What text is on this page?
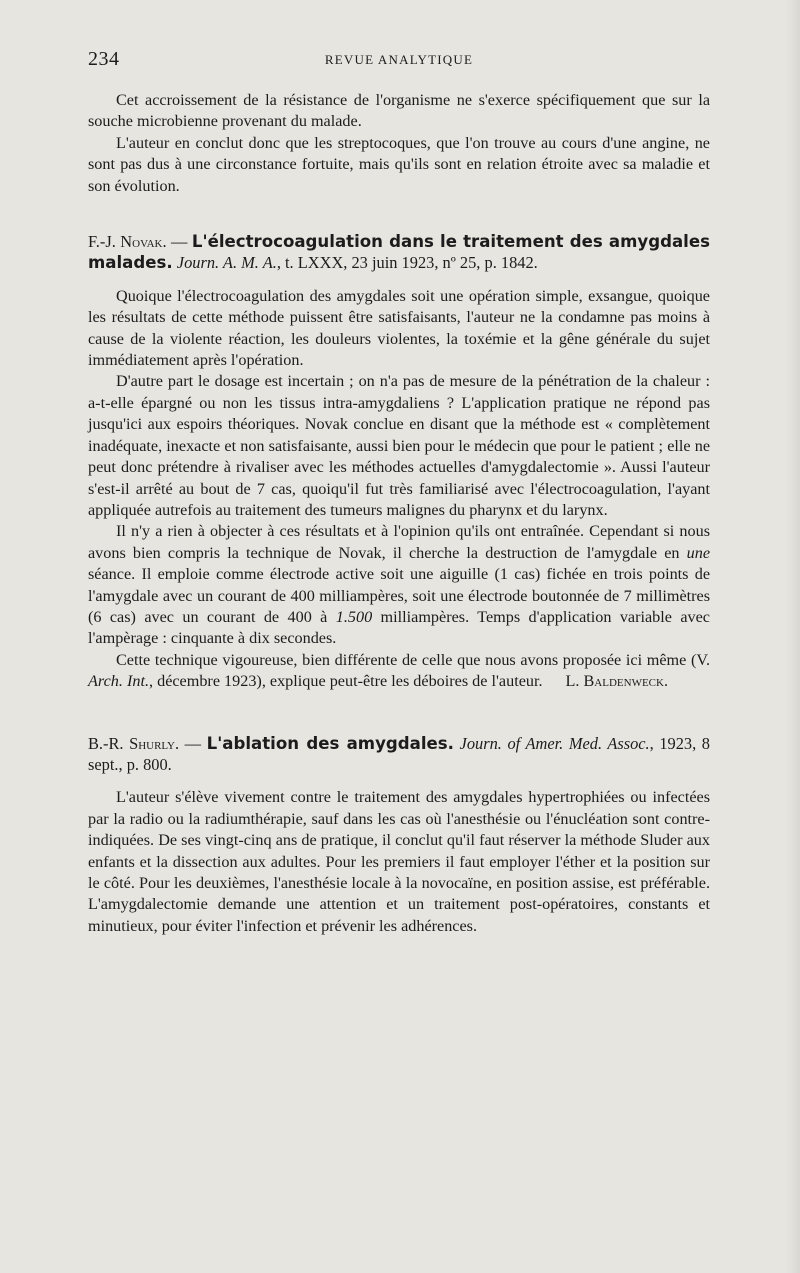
234	REVUE ANALYTIQUE

Cet accroissement de la résistance de l'organisme ne s'exerce spécifiquement que sur la souche microbienne provenant du malade.

L'auteur en conclut donc que les streptocoques, que l'on trouve au cours d'une angine, ne sont pas dus à une circonstance fortuite, mais qu'ils sont en relation étroite avec sa maladie et son évolution.

F.-J. Novak. — L'électrocoagulation dans le traitement des amygdales malades. Journ. A. M. A., t. LXXX, 23 juin 1923, nº 25, p. 1842.

Quoique l'électrocoagulation des amygdales soit une opération simple, exsangue, quoique les résultats de cette méthode puissent être satisfaisants, l'auteur ne la condamne pas moins à cause de la violente réaction, les douleurs violentes, la toxémie et la gêne générale du sujet immédiatement après l'opération.

D'autre part le dosage est incertain ; on n'a pas de mesure de la pénétration de la chaleur : a-t-elle épargné ou non les tissus intra-amygdaliens ? L'application pratique ne répond pas jusqu'ici aux espoirs théoriques. Novak conclue en disant que la méthode est « complètement inadéquate, inexacte et non satisfaisante, aussi bien pour le médecin que pour le patient ; elle ne peut donc prétendre à rivaliser avec les méthodes actuelles d'amygdalectomie ». Aussi l'auteur s'est-il arrêté au bout de 7 cas, quoiqu'il fut très familiarisé avec l'électrocoagulation, l'ayant appliquée autrefois au traitement des tumeurs malignes du pharynx et du larynx.

Il n'y a rien à objecter à ces résultats et à l'opinion qu'ils ont entraînée. Cependant si nous avons bien compris la technique de Novak, il cherche la destruction de l'amygdale en une séance. Il emploie comme électrode active soit une aiguille (1 cas) fichée en trois points de l'amygdale avec un courant de 400 milliampères, soit une électrode boutonnée de 7 millimètres (6 cas) avec un courant de 400 à 1.500 milliampères. Temps d'application variable avec l'ampèrage : cinquante à dix secondes.

Cette technique vigoureuse, bien différente de celle que nous avons proposée ici même (V. Arch. Int., décembre 1923), explique peut-être les déboires de l'auteur.	L. Baldenweck.

B.-R. Shurly. — L'ablation des amygdales. Journ. of Amer. Med. Assoc., 1923, 8 sept., p. 800.

L'auteur s'élève vivement contre le traitement des amygdales hypertrophiées ou infectées par la radio ou la radiumthérapie, sauf dans les cas où l'anesthésie ou l'énucléation sont contre-indiquées. De ses vingt-cinq ans de pratique, il conclut qu'il faut réserver la méthode Sluder aux enfants et la dissection aux adultes. Pour les premiers il faut employer l'éther et la position sur le côté. Pour les deuxièmes, l'anesthésie locale à la novocaïne, en position assise, est préférable. L'amygdalectomie demande une attention et un traitement post-opératoires, constants et minutieux, pour éviter l'infection et prévenir les adhérences.
